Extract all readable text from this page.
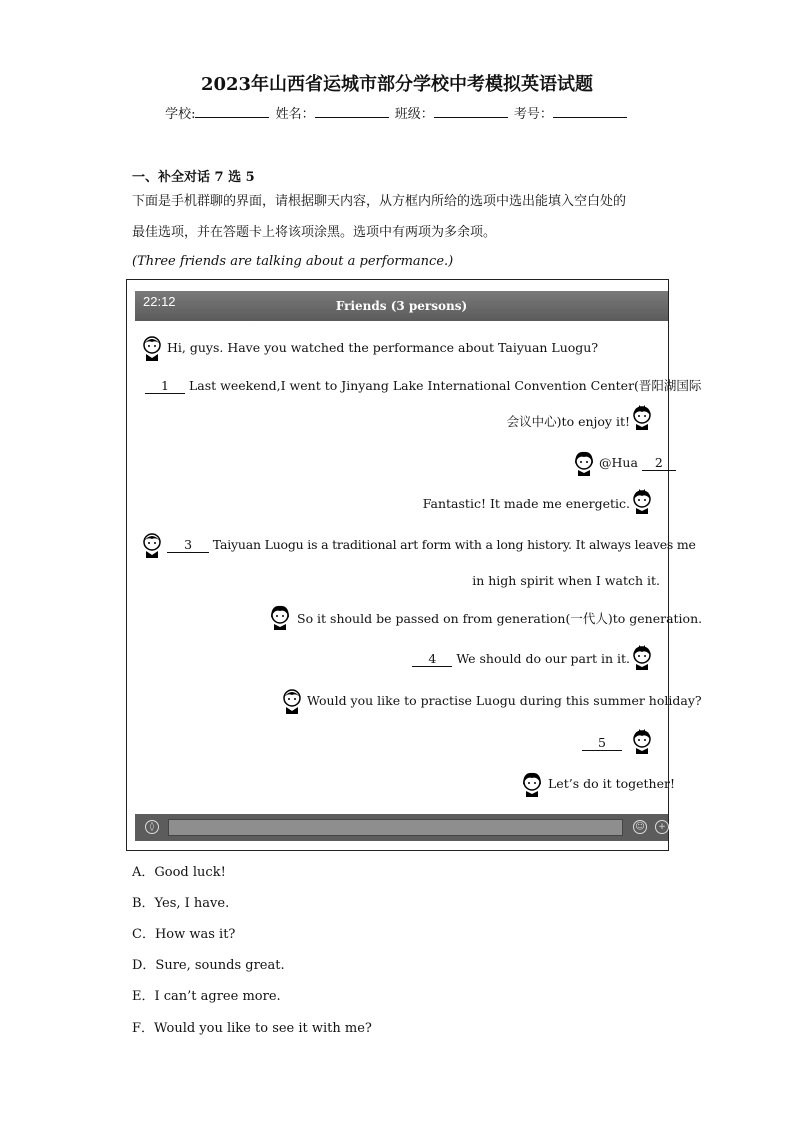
2023年山西省运城市部分学校中考模拟英语试题
学校:	姓名：	班级：	考号：
一、补全对话 7 选 5
下面是手机群聊的界面，请根据聊天内容，从方框内所给的选项中选出能填入空白处的
最佳选项，并在答题卡上将该项涂黑。选项中有两项为多余项。
(Three friends are talking about a performance.)
22:12	Friends (3 persons)
Hi, guys. Have you watched the performance about Taiyuan Luogu?
1 Last weekend,I went to Jinyang Lake International Convention Center(晋阳湖国际
会议中心)to enjoy it!
@Hua 2
Fantastic! It made me energetic.
3 Taiyuan Luogu is a traditional art form with a long history. It always leaves me
in high spirit when I watch it.
So it should be passed on from generation(一代人)to generation.
4 We should do our part in it.
Would you like to practise Luogu during this summer holiday?
5
Let’s do it together!
◊	☺	+
A．Good luck!
B．Yes, I have.
C．How was it?
D．Sure, sounds great.
E．I can’t agree more.
F．Would you like to see it with me?
